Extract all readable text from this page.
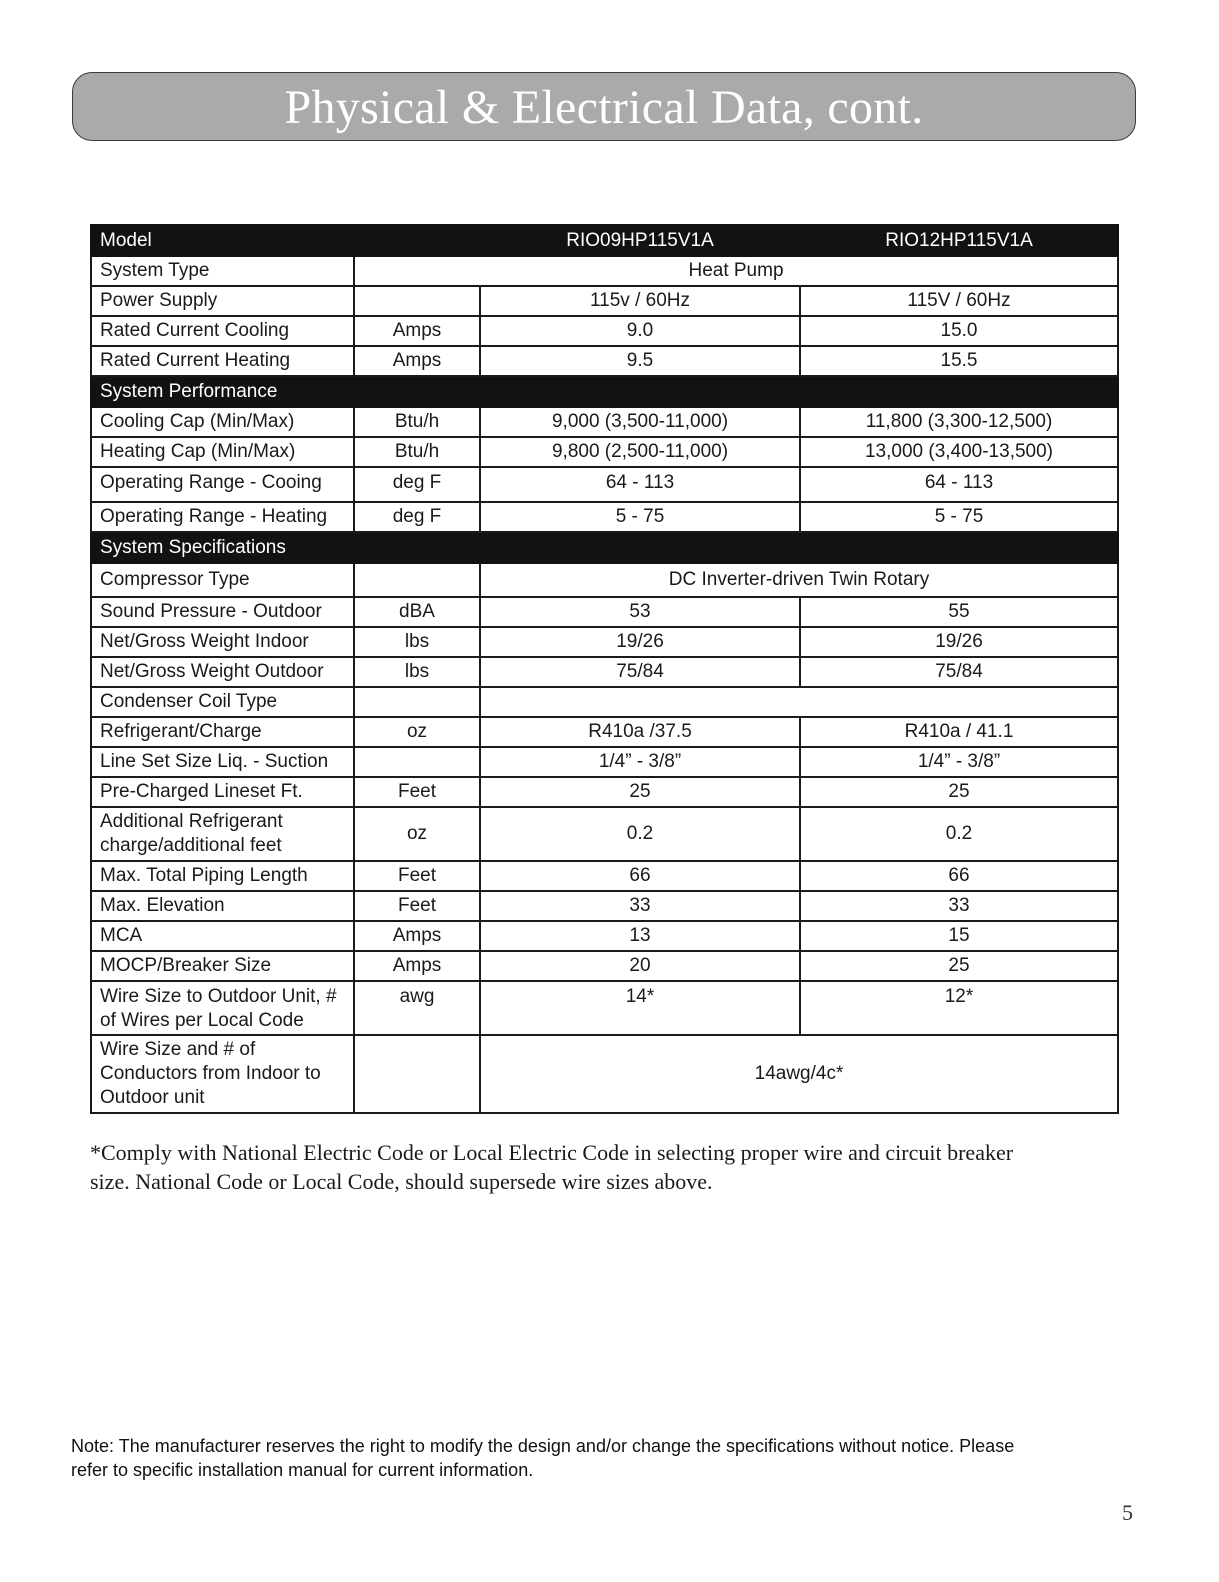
Physical & Electrical Data, cont.
Model		RIO09HP115V1A	RIO12HP115V1A
System Type	Heat Pump		
Power Supply		115v / 60Hz	115V / 60Hz
Rated Current Cooling	Amps	9.0	15.0
Rated Current Heating	Amps	9.5	15.5
System Performance			
Cooling Cap (Min/Max)	Btu/h	9,000 (3,500-11,000)	11,800 (3,300-12,500)
Heating Cap (Min/Max)	Btu/h	9,800 (2,500-11,000)	13,000 (3,400-13,500)
Operating Range - Cooing	deg F	64 - 113	64 - 113
Operating Range - Heating	deg F	5 - 75	5 - 75
System Specifications			
Compressor Type		DC Inverter-driven Twin Rotary	
Sound Pressure - Outdoor	dBA	53	55
Net/Gross Weight Indoor	lbs	19/26	19/26
Net/Gross Weight Outdoor	lbs	75/84	75/84
Condenser Coil Type			
Refrigerant/Charge	oz	R410a /37.5	R410a / 41.1
Line Set Size Liq. - Suction		1/4” - 3/8”	1/4” - 3/8”
Pre-Charged Lineset Ft.	Feet	25	25
Additional Refrigerant
charge/additional feet	oz	0.2	0.2
Max. Total Piping Length	Feet	66	66
Max. Elevation	Feet	33	33
MCA	Amps	13	15
MOCP/Breaker Size	Amps	20	25
Wire Size to Outdoor Unit, #
of Wires per Local Code	awg	14*	12*
Wire Size and # of
Conductors from Indoor to
Outdoor unit		14awg/4c*	
*Comply with National Electric Code or Local Electric Code in selecting proper wire and circuit breaker
size. National Code or Local Code, should supersede wire sizes above.
Note: The manufacturer reserves the right to modify the design and/or change the specifications without notice. Please
refer to specific installation manual for current information.
5
